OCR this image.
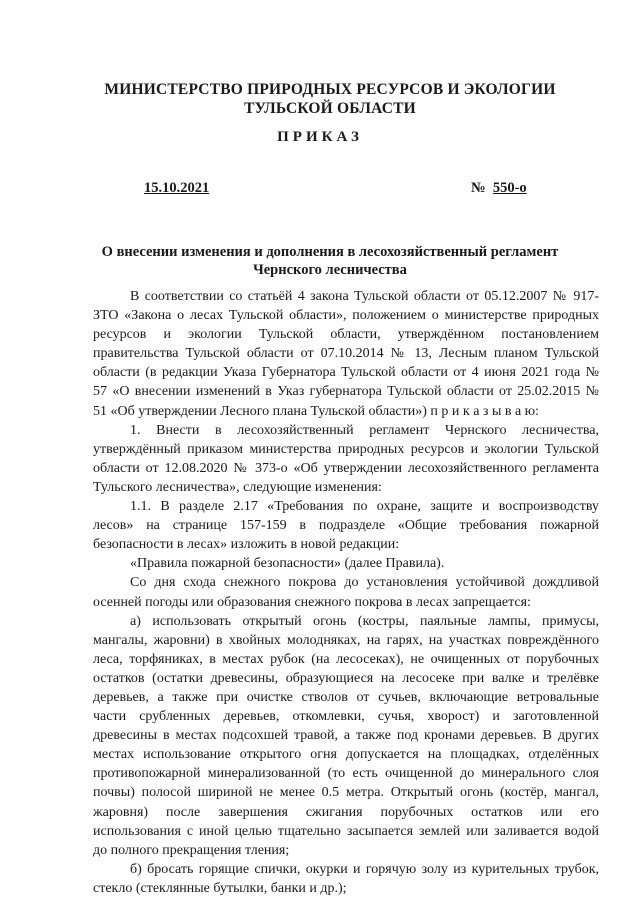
МИНИСТЕРСТВО ПРИРОДНЫХ РЕСУРСОВ И ЭКОЛОГИИ
ТУЛЬСКОЙ ОБЛАСТИ
ПРИКАЗ
15.10.2021	№ 550-о
О внесении изменения и дополнения в лесохозяйственный регламент
Чернского лесничества
В соответствии со статьёй 4 закона Тульской области от 05.12.2007 № 917-
ЗТО «Закона о лесах Тульской области», положением о министерстве природных
ресурсов и экологии Тульской области, утверждённом постановлением
правительства Тульской области от 07.10.2014 № 13, Лесным планом Тульской
области (в редакции Указа Губернатора Тульской области от 4 июня 2021 года №
57 «О внесении изменений в Указ губернатора Тульской области от 25.02.2015 №
51 «Об утверждении Лесного плана Тульской области») п р и к а з ы в а ю:
1. Внести в лесохозяйственный регламент Чернского лесничества,
утверждённый приказом министерства природных ресурсов и экологии Тульской
области от 12.08.2020 № 373-о «Об утверждении лесохозяйственного регламента
Тульского лесничества», следующие изменения:
1.1. В разделе 2.17 «Требования по охране, защите и воспроизводству
лесов» на странице 157-159 в подразделе «Общие требования пожарной
безопасности в лесах» изложить в новой редакции:
«Правила пожарной безопасности» (далее Правила).
Со дня схода снежного покрова до установления устойчивой дождливой
осенней погоды или образования снежного покрова в лесах запрещается:
а) использовать открытый огонь (костры, паяльные лампы, примусы,
мангалы, жаровни) в хвойных молодняках, на гарях, на участках повреждённого
леса, торфяниках, в местах рубок (на лесосеках), не очищенных от порубочных
остатков (остатки древесины, образующиеся на лесосеке при валке и трелёвке
деревьев, а также при очистке стволов от сучьев, включающие ветровальные
части срубленных деревьев, откомлевки, сучья, хворост) и заготовленной
древесины в местах подсохшей травой, а также под кронами деревьев. В других
местах использование открытого огня допускается на площадках, отделённых
противопожарной минерализованной (то есть очищенной до минерального слоя
почвы) полосой шириной не менее 0.5 метра. Открытый огонь (костёр, мангал,
жаровня) после завершения сжигания порубочных остатков или его
использования с иной целью тщательно засыпается землей или заливается водой
до полного прекращения тления;
б) бросать горящие спички, окурки и горячую золу из курительных трубок,
стекло (стеклянные бутылки, банки и др.);
